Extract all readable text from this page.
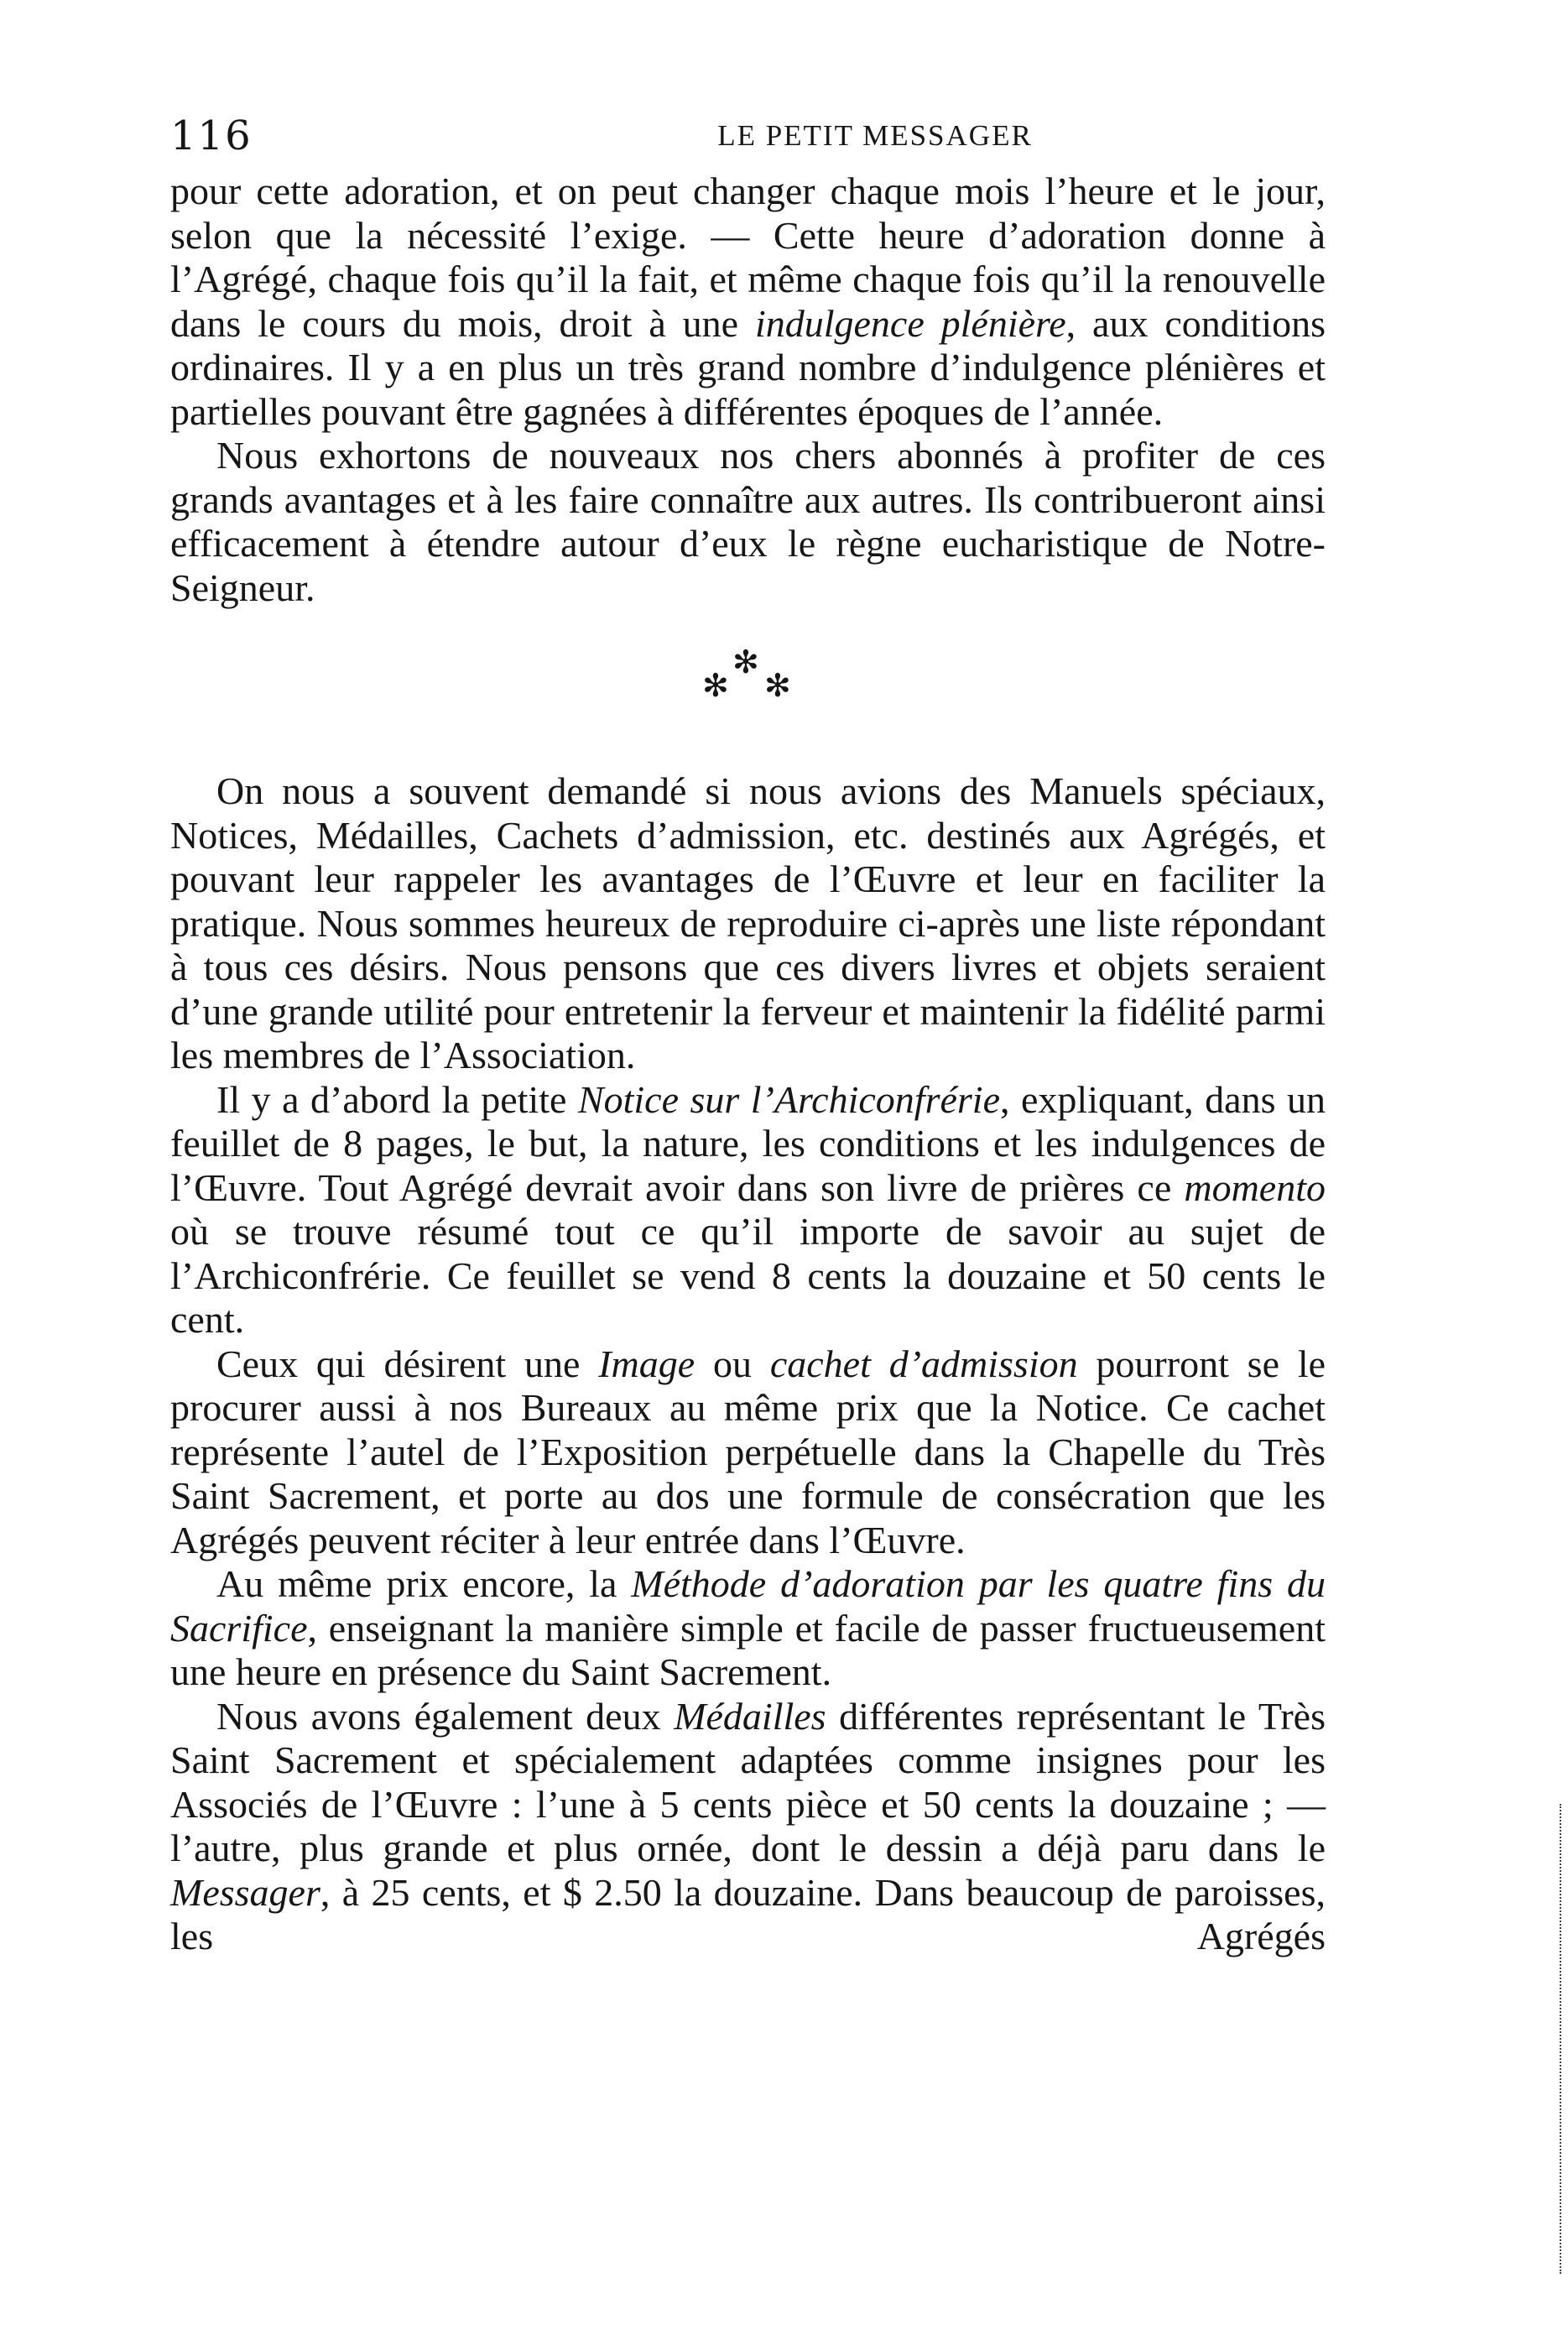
116	LE PETIT MESSAGER

pour cette adoration, et on peut changer chaque mois l’heure et le jour, selon que la nécessité l’exige. — Cette heure d’adoration donne à l’Agrégé, chaque fois qu’il la fait, et même chaque fois qu’il la renouvelle dans le cours du mois, droit à une indulgence plénière, aux conditions ordinaires. Il y a en plus un très grand nombre d’indulgence plénières et partielles pouvant être gagnées à différentes époques de l’année.

Nous exhortons de nouveaux nos chers abonnés à profiter de ces grands avantages et à les faire connaître aux autres. Ils contribueront ainsi efficacement à étendre autour d’eux le règne eucharistique de Notre-Seigneur.

✻
✻ ✻

On nous a souvent demandé si nous avions des Manuels spéciaux, Notices, Médailles, Cachets d’admission, etc. destinés aux Agrégés, et pouvant leur rappeler les avantages de l’Œuvre et leur en faciliter la pratique. Nous sommes heureux de reproduire ci-après une liste répondant à tous ces désirs. Nous pensons que ces divers livres et objets seraient d’une grande utilité pour entretenir la ferveur et maintenir la fidélité parmi les membres de l’Association.

Il y a d’abord la petite Notice sur l’Archiconfrérie, expliquant, dans un feuillet de 8 pages, le but, la nature, les conditions et les indulgences de l’Œuvre. Tout Agrégé devrait avoir dans son livre de prières ce momento où se trouve résumé tout ce qu’il importe de savoir au sujet de l’Archiconfrérie. Ce feuillet se vend 8 cents la douzaine et 50 cents le cent.

Ceux qui désirent une Image ou cachet d’admission pourront se le procurer aussi à nos Bureaux au même prix que la Notice. Ce cachet représente l’autel de l’Exposition perpétuelle dans la Chapelle du Très Saint Sacrement, et porte au dos une formule de consécration que les Agrégés peuvent réciter à leur entrée dans l’Œuvre.

Au même prix encore, la Méthode d’adoration par les quatre fins du Sacrifice, enseignant la manière simple et facile de passer fructueusement une heure en présence du Saint Sacrement.

Nous avons également deux Médailles différentes représentant le Très Saint Sacrement et spécialement adaptées comme insignes pour les Associés de l’Œuvre : l’une à 5 cents pièce et 50 cents la douzaine ; — l’autre, plus grande et plus ornée, dont le dessin a déjà paru dans le Messager, à 25 cents, et $ 2.50 la douzaine. Dans beaucoup de paroisses, les Agrégés
